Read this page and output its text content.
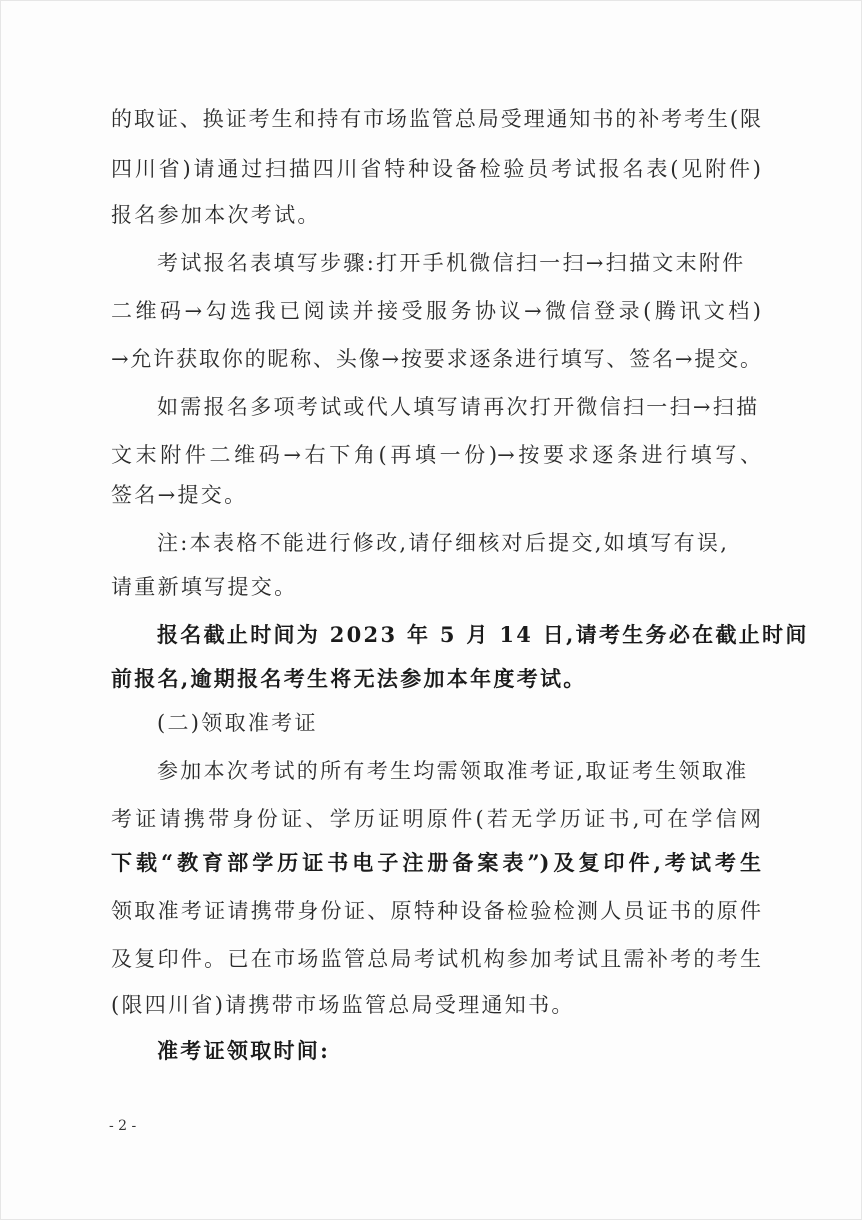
的取证、换证考生和持有市场监管总局受理通知书的补考考生(限
四川省)请通过扫描四川省特种设备检验员考试报名表(见附件)
报名参加本次考试。
考试报名表填写步骤:打开手机微信扫一扫→扫描文末附件
二维码→勾选我已阅读并接受服务协议→微信登录(腾讯文档)
→允许获取你的昵称、头像→按要求逐条进行填写、签名→提交。
如需报名多项考试或代人填写请再次打开微信扫一扫→扫描
文末附件二维码→右下角(再填一份)→按要求逐条进行填写、
签名→提交。
注:本表格不能进行修改,请仔细核对后提交,如填写有误,
请重新填写提交。
报名截止时间为 2023 年 5 月 14 日,请考生务必在截止时间
前报名,逾期报名考生将无法参加本年度考试。
(二)领取准考证
参加本次考试的所有考生均需领取准考证,取证考生领取准
考证请携带身份证、学历证明原件(若无学历证书,可在学信网
下载“教育部学历证书电子注册备案表”)及复印件,考试考生
领取准考证请携带身份证、原特种设备检验检测人员证书的原件
及复印件。已在市场监管总局考试机构参加考试且需补考的考生
(限四川省)请携带市场监管总局受理通知书。
准考证领取时间:
- 2 -
